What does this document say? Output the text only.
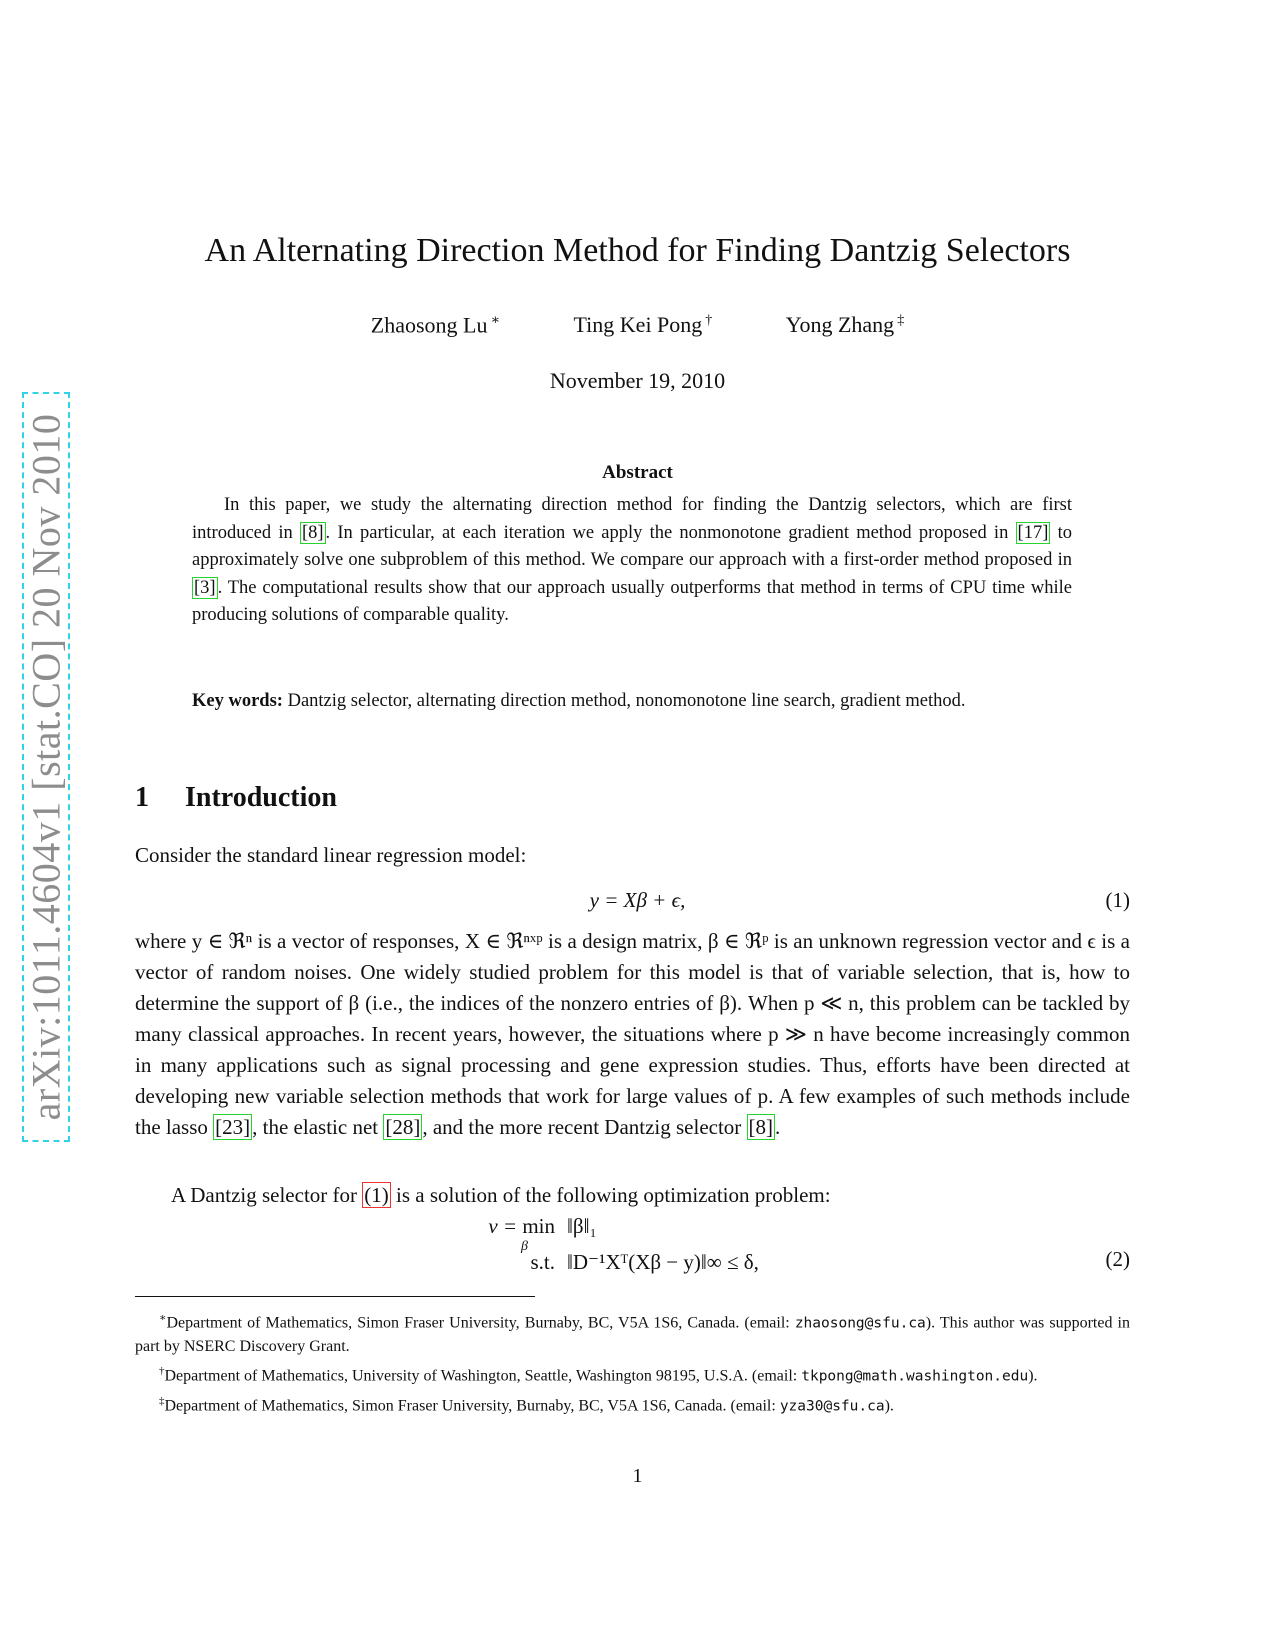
arXiv:1011.4604v1 [stat.CO] 20 Nov 2010
An Alternating Direction Method for Finding Dantzig Selectors
Zhaosong Lu ∗	Ting Kei Pong †	Yong Zhang ‡
November 19, 2010
Abstract

In this paper, we study the alternating direction method for finding the Dantzig selectors, which are first introduced in [8] . In particular, at each iteration we apply the nonmonotone gradient method proposed in [17] to approximately solve one subproblem of this method. We compare our approach with a first-order method proposed in [3] . The computational results show that our approach usually outperforms that method in terms of CPU time while producing solutions of comparable quality.

Key words: Dantzig selector, alternating direction method, nonomonotone line search, gradient method.

1 Introduction

Consider the standard linear regression model:

y = Xβ + ϵ,	(1)

where y ∈ ℜⁿ is a vector of responses, X ∈ ℜⁿˣᵖ is a design matrix, β ∈ ℜᵖ is an unknown regression vector and ϵ is a vector of random noises. One widely studied problem for this model is that of variable selection, that is, how to determine the support of β (i.e., the indices of the nonzero entries of β). When p ≪ n, this problem can be tackled by many classical approaches. In recent years, however, the situations where p ≫ n have become increasingly common in many applications such as signal processing and gene expression studies. Thus, efforts have been directed at developing new variable selection methods that work for large values of p. A few examples of such methods include the lasso [23], the elastic net [28], and the more recent Dantzig selector [8].

A Dantzig selector for (1) is a solution of the following optimization problem:

v = min
β
‖β‖₁
s.t. ‖D⁻¹Xᵀ(Xβ − y)‖∞ ≤ δ,	(2)

∗Department of Mathematics, Simon Fraser University, Burnaby, BC, V5A 1S6, Canada. (email: zhaosong@sfu.ca). This author was supported in part by NSERC Discovery Grant.

†Department of Mathematics, University of Washington, Seattle, Washington 98195, U.S.A. (email: tkpong@math.washington.edu).

‡Department of Mathematics, Simon Fraser University, Burnaby, BC, V5A 1S6, Canada. (email: yza30@sfu.ca).

1
